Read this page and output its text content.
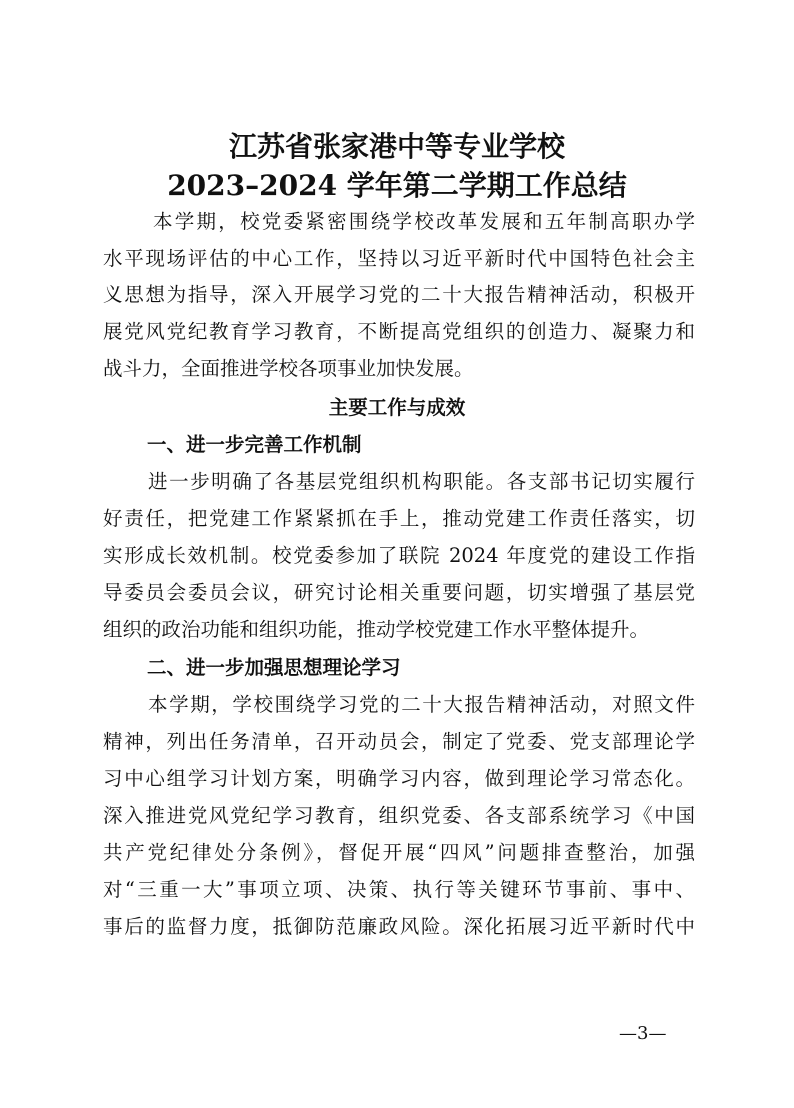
江苏省张家港中等专业学校
2023–2024 学年第二学期工作总结
本学期，校党委紧密围绕学校改革发展和五年制高职办学
水平现场评估的中心工作，坚持以习近平新时代中国特色社会主
义思想为指导，深入开展学习党的二十大报告精神活动，积极开
展党风党纪教育学习教育，不断提高党组织的创造力、凝聚力和
战斗力，全面推进学校各项事业加快发展。
主要工作与成效
一、进一步完善工作机制
进一步明确了各基层党组织机构职能。各支部书记切实履行
好责任，把党建工作紧紧抓在手上，推动党建工作责任落实，切
实形成长效机制。校党委参加了联院 2024 年度党的建设工作指
导委员会委员会议，研究讨论相关重要问题，切实增强了基层党
组织的政治功能和组织功能，推动学校党建工作水平整体提升。
二、进一步加强思想理论学习
本学期，学校围绕学习党的二十大报告精神活动，对照文件
精神，列出任务清单，召开动员会，制定了党委、党支部理论学
习中心组学习计划方案，明确学习内容，做到理论学习常态化。
深入推进党风党纪学习教育，组织党委、各支部系统学习《中国
共产党纪律处分条例》，督促开展“四风”问题排查整治，加强
对“三重一大”事项立项、决策、执行等关键环节事前、事中、
事后的监督力度，抵御防范廉政风险。深化拓展习近平新时代中
—3—
